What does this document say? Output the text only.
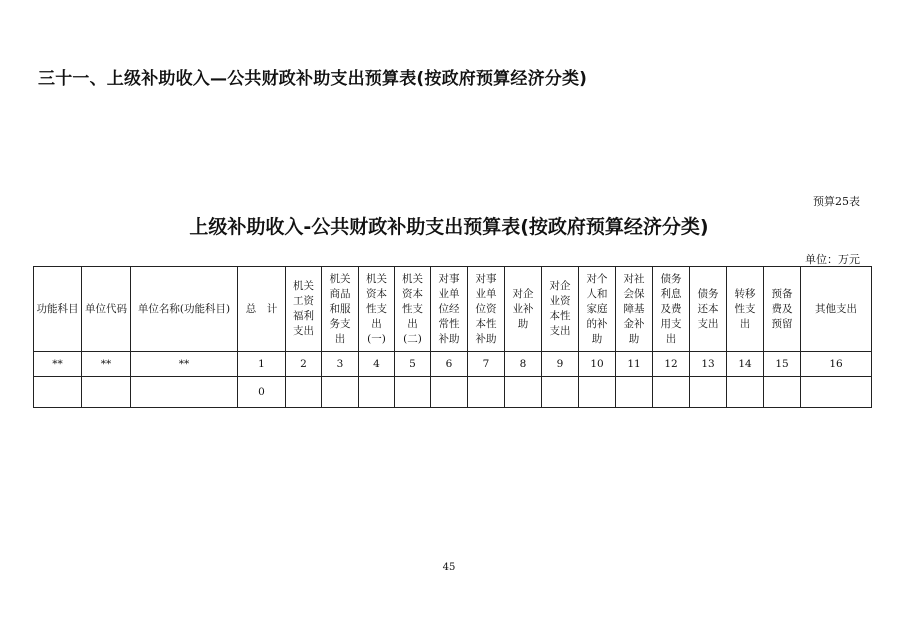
三十一、上级补助收入—公共财政补助支出预算表(按政府预算经济分类)
预算25表
上级补助收入-公共财政补助支出预算表(按政府预算经济分类)
单位：万元
功能科目	单位代码	单位名称(功能科目)	总　计	机关工资福利支出	机关商品和服务支出	机关资本性支出(一)	机关资本性支出(二)	对事业单位经常性补助	对事业单位资本性补助	对企业补助	对企业资本性支出	对个人和家庭的补助	对社会保障基金补助	债务利息及费用支出	债务还本支出	转移性支出	预备费及预留	其他支出
**	**	**	1	2	3	4	5	6	7	8	9	10	11	12	13	14	15	16
			0															
45
